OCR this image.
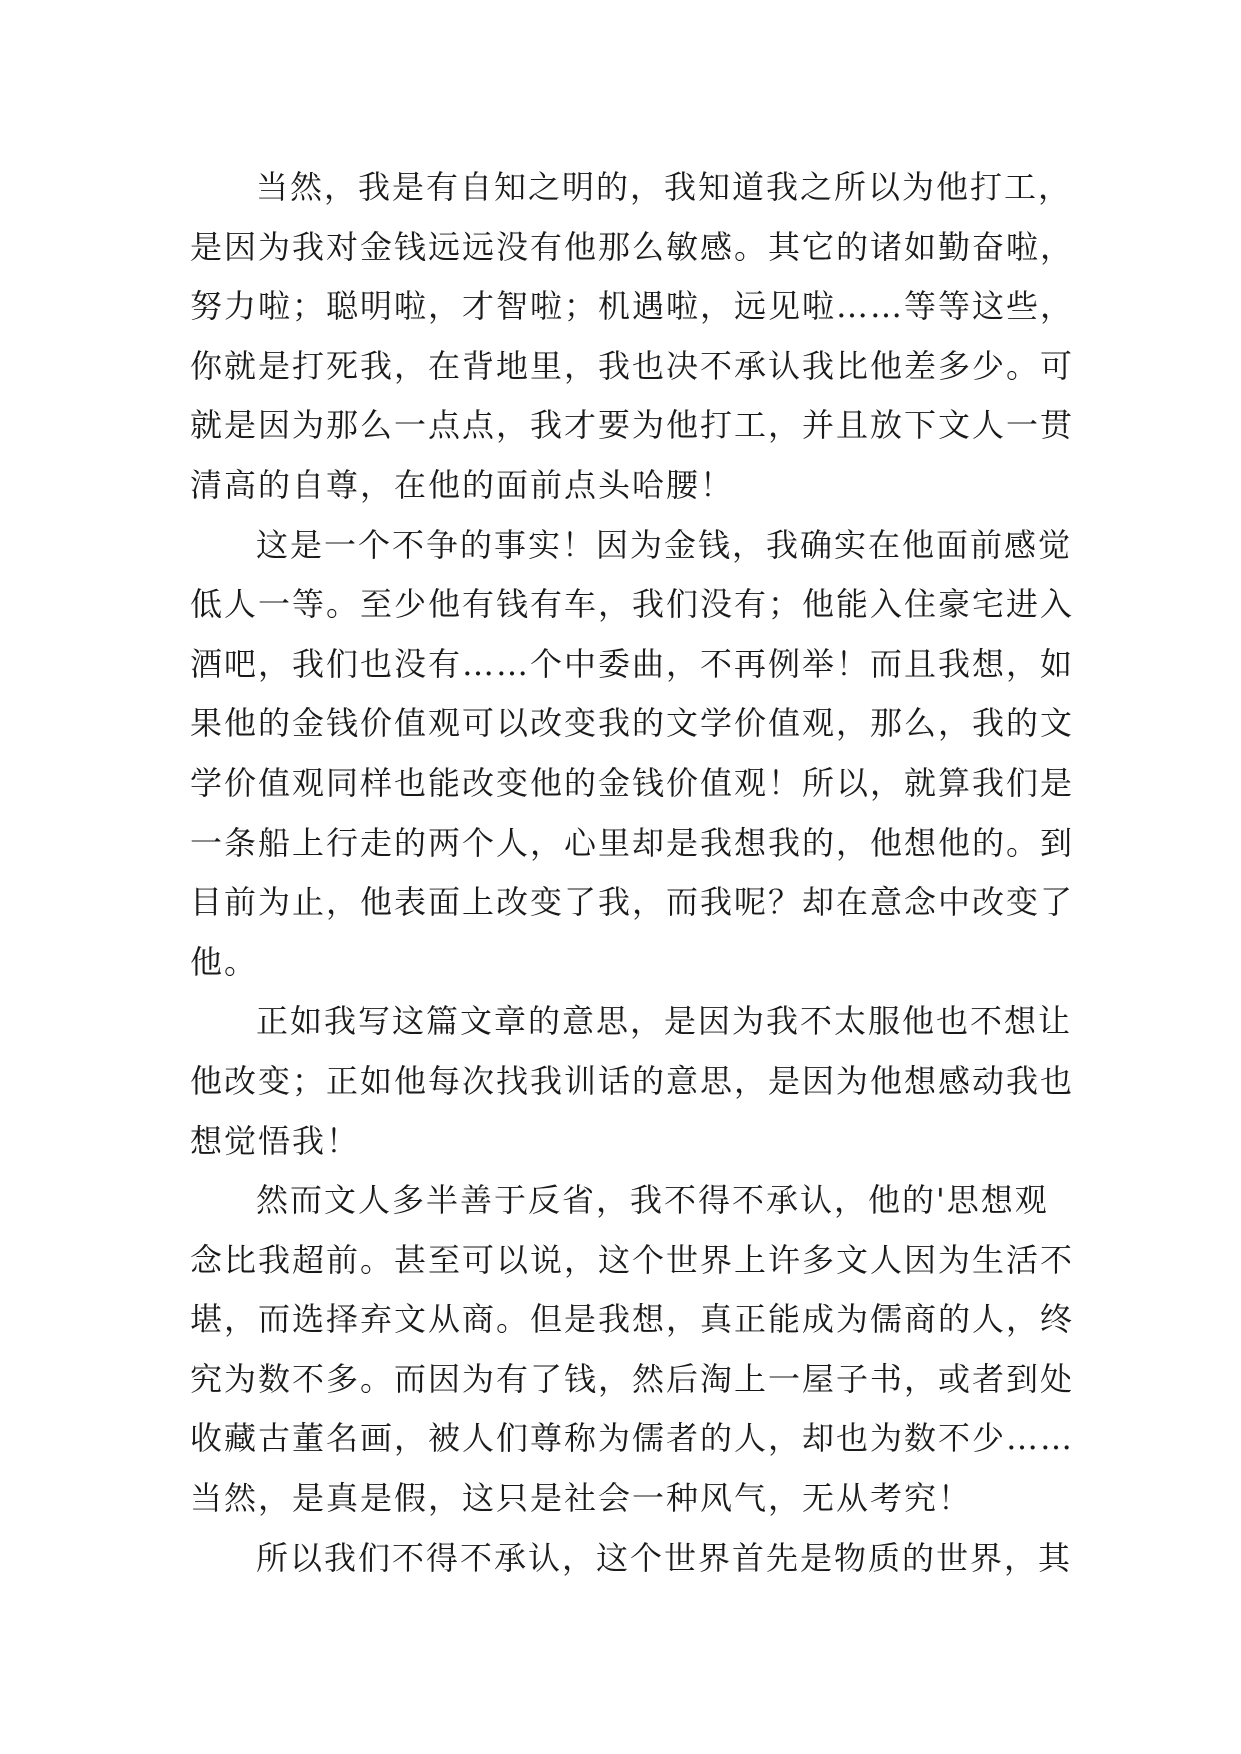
当然，我是有自知之明的，我知道我之所以为他打工，
是因为我对金钱远远没有他那么敏感。其它的诸如勤奋啦，
努力啦；聪明啦，才智啦；机遇啦，远见啦……等等这些，
你就是打死我，在背地里，我也决不承认我比他差多少。可
就是因为那么一点点，我才要为他打工，并且放下文人一贯
清高的自尊，在他的面前点头哈腰！
这是一个不争的事实！因为金钱，我确实在他面前感觉
低人一等。至少他有钱有车，我们没有；他能入住豪宅进入
酒吧，我们也没有……个中委曲，不再例举！而且我想，如
果他的金钱价值观可以改变我的文学价值观，那么，我的文
学价值观同样也能改变他的金钱价值观！所以，就算我们是
一条船上行走的两个人，心里却是我想我的，他想他的。到
目前为止，他表面上改变了我，而我呢？却在意念中改变了
他。
正如我写这篇文章的意思，是因为我不太服他也不想让
他改变；正如他每次找我训话的意思，是因为他想感动我也
想觉悟我！
然而文人多半善于反省，我不得不承认，他的'思想观
念比我超前。甚至可以说，这个世界上许多文人因为生活不
堪，而选择弃文从商。但是我想，真正能成为儒商的人，终
究为数不多。而因为有了钱，然后淘上一屋子书，或者到处
收藏古董名画，被人们尊称为儒者的人，却也为数不少……
当然，是真是假，这只是社会一种风气，无从考究！
所以我们不得不承认，这个世界首先是物质的世界，其
